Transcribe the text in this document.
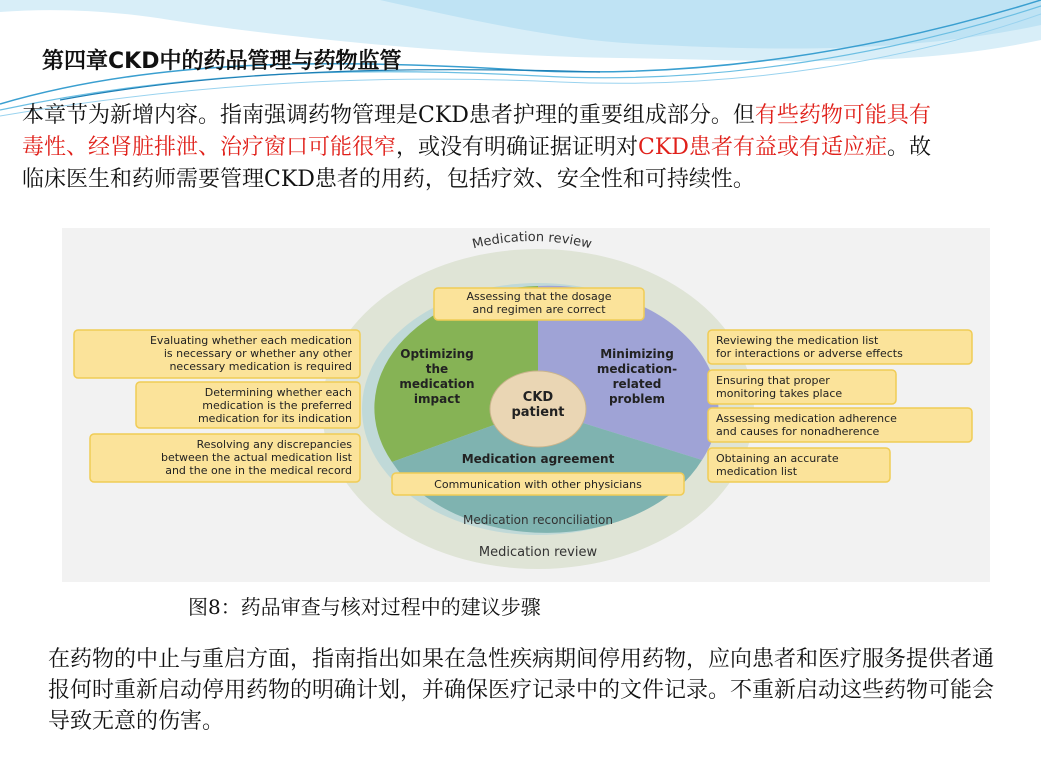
第四章CKD中的药品管理与药物监管
本章节为新增内容。指南强调药物管理是CKD患者护理的重要组成部分。但有些药物可能具有毒性、经肾脏排泄、治疗窗口可能很窄，或没有明确证据证明对CKD患者有益或有适应症。故临床医生和药师需要管理CKD患者的用药，包括疗效、安全性和可持续性。
Medication review
Medication review
Medication reconciliation
CKD patient
Optimizing the medication impact
Minimizing medication-related problem
Medication agreement
Assessing that the dosage and regimen are correct
Communication with other physicians
Evaluating whether each medication is necessary or whether any other necessary medication is required
Determining whether each medication is the preferred medication for its indication
Resolving any discrepancies between the actual medication list and the one in the medical record
Reviewing the medication list for interactions or adverse effects
Ensuring that proper monitoring takes place
Assessing medication adherence and causes for nonadherence
Obtaining an accurate medication list
图8：药品审查与核对过程中的建议步骤
在药物的中止与重启方面，指南指出如果在急性疾病期间停用药物，应向患者和医疗服务提供者通报何时重新启动停用药物的明确计划，并确保医疗记录中的文件记录。不重新启动这些药物可能会导致无意的伤害。
